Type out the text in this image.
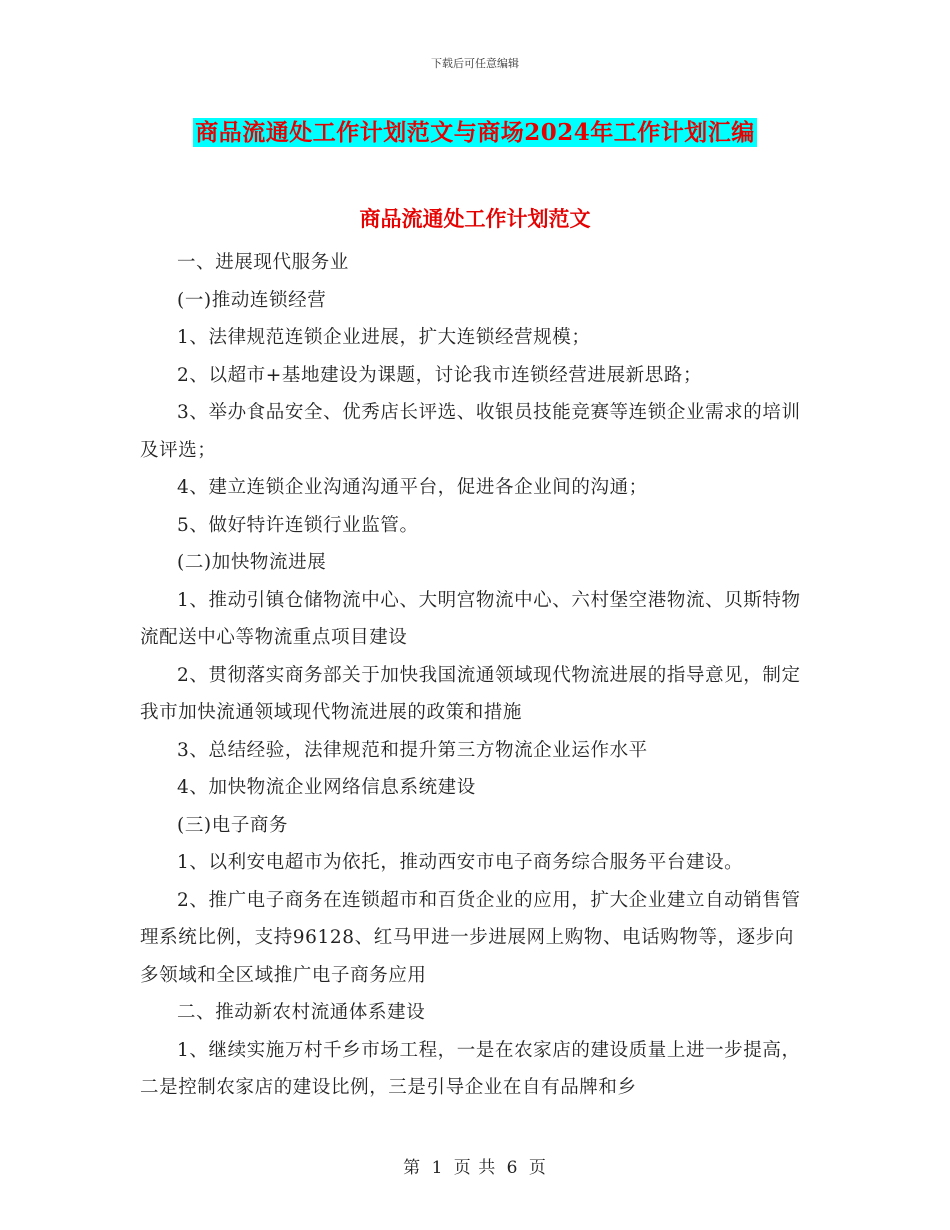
下载后可任意编辑
商品流通处工作计划范文与商场2024年工作计划汇编
商品流通处工作计划范文

一、进展现代服务业

(一)推动连锁经营

1、法律规范连锁企业进展，扩大连锁经营规模；

2、以超市+基地建设为课题，讨论我市连锁经营进展新思路；

3、举办食品安全、优秀店长评选、收银员技能竞赛等连锁企业需求的培训及评选；

4、建立连锁企业沟通沟通平台，促进各企业间的沟通；

5、做好特许连锁行业监管。

(二)加快物流进展

1、推动引镇仓储物流中心、大明宫物流中心、六村堡空港物流、贝斯特物流配送中心等物流重点项目建设

2、贯彻落实商务部关于加快我国流通领域现代物流进展的指导意见，制定我市加快流通领域现代物流进展的政策和措施

3、总结经验，法律规范和提升第三方物流企业运作水平

4、加快物流企业网络信息系统建设

(三)电子商务

1、以利安电超市为依托，推动西安市电子商务综合服务平台建设。

2、推广电子商务在连锁超市和百货企业的应用，扩大企业建立自动销售管理系统比例，支持96128、红马甲进一步进展网上购物、电话购物等，逐步向多领域和全区域推广电子商务应用

二、推动新农村流通体系建设

1、继续实施万村千乡市场工程，一是在农家店的建设质量上进一步提高，二是控制农家店的建设比例，三是引导企业在自有品牌和乡

第 1 页 共 6 页
